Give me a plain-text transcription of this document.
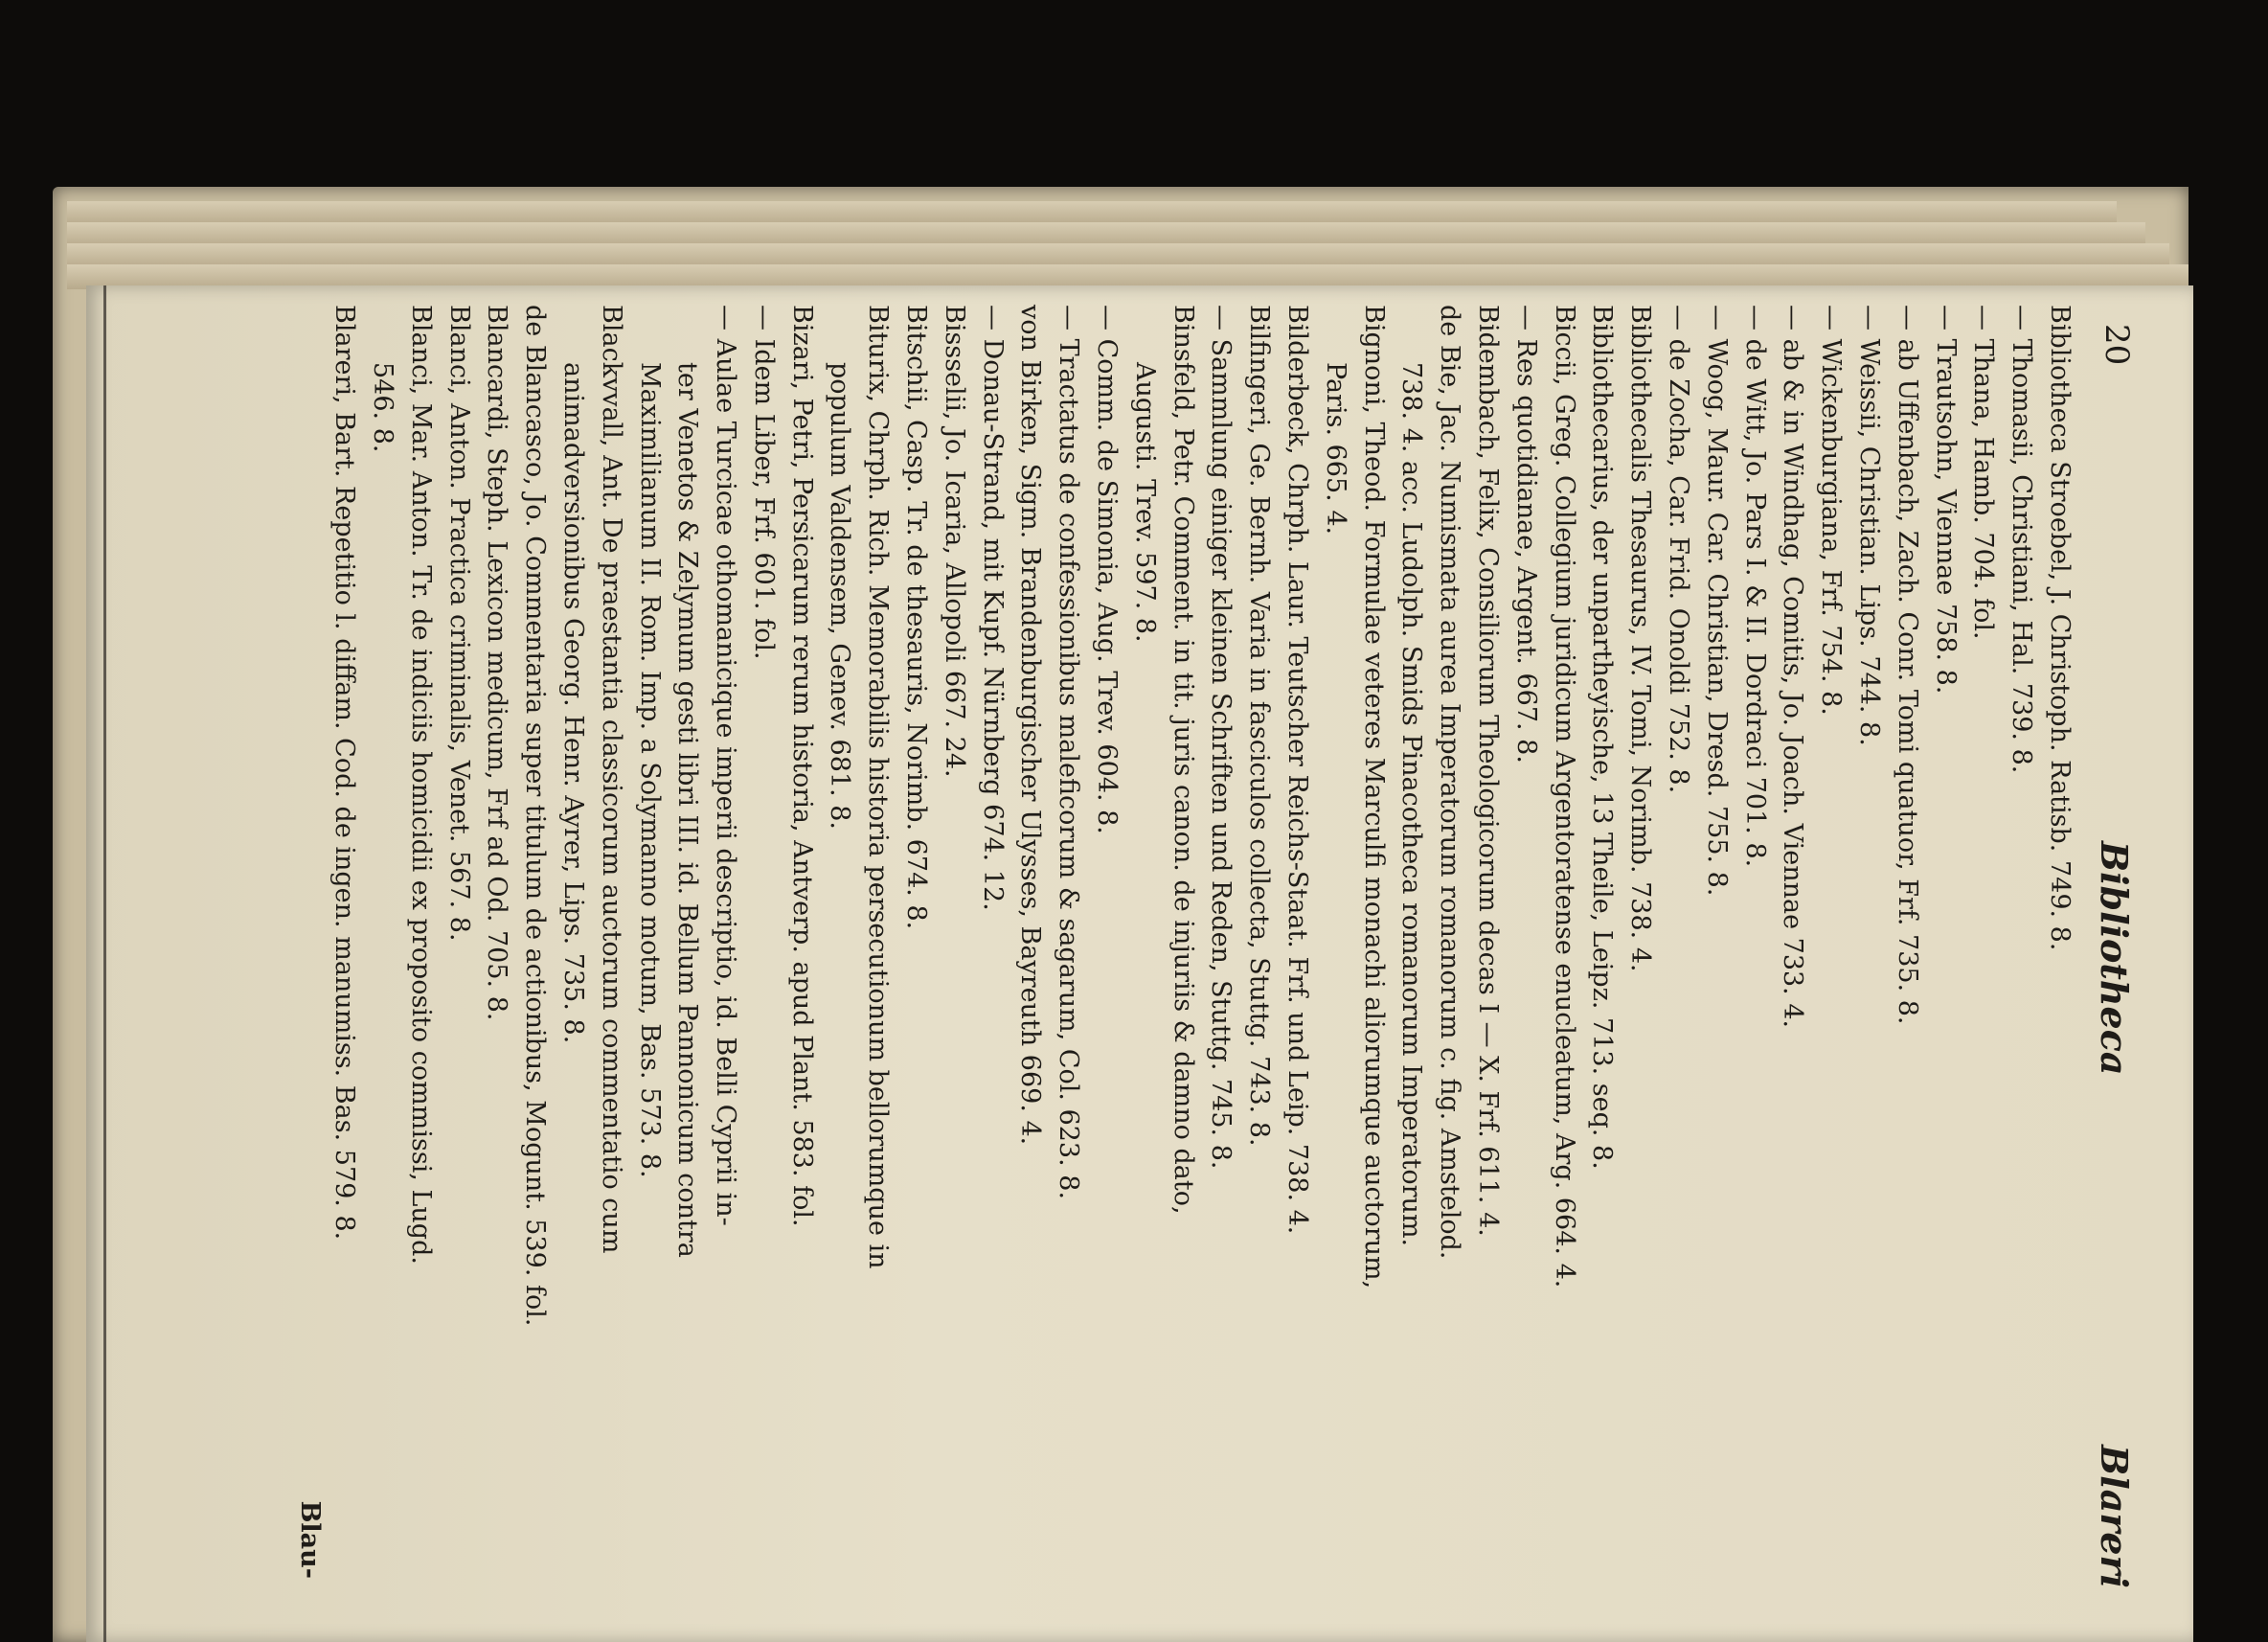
20
Bibliotheca
Blareri
Bibliotheca Stroebel, J. Christoph. Ratisb. 749. 8.
— Thomasii, Christiani, Hal. 739. 8.
— Thana, Hamb. 704. fol.
— Trautsohn, Viennae 758. 8.
— ab Uffenbach, Zach. Conr. Tomi quatuor, Frf. 735. 8.
— Weissii, Christian. Lips. 744. 8.
— Wickenburgiana, Frf. 754. 8.
— ab & in Windhag, Comitis, Jo. Joach. Viennae 733. 4.
— de Witt, Jo. Pars I. & II. Dordraci 701. 8.
— Woog, Maur. Car. Christian, Dresd. 755. 8.
— de Zocha, Car. Frid. Onoldi 752. 8.
Bibliothecalis Thesaurus, IV. Tomi, Norimb. 738. 4.
Bibliothecarius, der unpartheyische, 13 Theile, Leipz. 713. seq. 8.
Biccii, Greg. Collegium juridicum Argentoratense enucleatum, Arg. 664. 4.
— Res quotidianae, Argent. 667. 8.
Bidembach, Felix, Consiliorum Theologicorum decas I — X. Frf. 611. 4.
de Bie, Jac. Numismata aurea Imperatorum romanorum c. fig. Amstelod.
738. 4. acc. Ludolph. Smids Pinacotheca romanorum Imperatorum.
Bignoni, Theod. Formulae veteres Marculfi monachi aliorumque auctorum,
Paris. 665. 4.
Bilderbeck, Chrph. Laur. Teutscher Reichs-Staat. Frf. und Leip. 738. 4.
Bilfingeri, Ge. Bernh. Varia in fasciculos collecta, Stuttg. 743. 8.
— Sammlung einiger kleinen Schriften und Reden, Stuttg. 745. 8.
Binsfeld, Petr. Comment. in tit. juris canon. de injuriis & damno dato,
Augusti. Trev. 597. 8.
— Comm. de Simonia, Aug. Trev. 604. 8.
— Tractatus de confessionibus maleficorum & sagarum, Col. 623. 8.
von Birken, Sigm. Brandenburgischer Ulysses, Bayreuth 669. 4.
— Donau-Strand, mit Kupf. Nürnberg 674. 12.
Bissselii, Jo. Icaria, Allopoli 667. 24.
Bitschii, Casp. Tr. de thesauris, Norimb. 674. 8.
Biturix, Chrph. Rich. Memorabilis historia persecutionum bellorumque in
populum Valdensem, Genev. 681. 8.
Bizari, Petri, Persicarum rerum historia, Antverp. apud Plant. 583. fol.
— Idem Liber, Frf. 601. fol.
— Aulae Turcicae othomanicique imperii descriptio, id. Belli Cyprii in-
ter Venetos & Zelymum gesti libri III. id. Bellum Pannonicum contra
Maximilianum II. Rom. Imp. a Solymanno motum, Bas. 573. 8.
Blackvvall, Ant. De praestantia classicorum auctorum commentatio cum
animadversionibus Georg. Henr. Ayrer, Lips. 735. 8.
de Blancasco, Jo. Commentaria super titulum de actionibus, Mogunt. 539. fol.
Blancardi, Steph. Lexicon medicum, Frf ad Od. 705. 8.
Blanci, Anton. Practica criminalis, Venet. 567. 8.
Blanci, Mar. Anton. Tr. de indiciis homicidii ex proposito commissi, Lugd.
546. 8.
Blareri, Bart. Repetitio l. diffam. Cod. de ingen. manumiss. Bas. 579. 8.
Blau-
